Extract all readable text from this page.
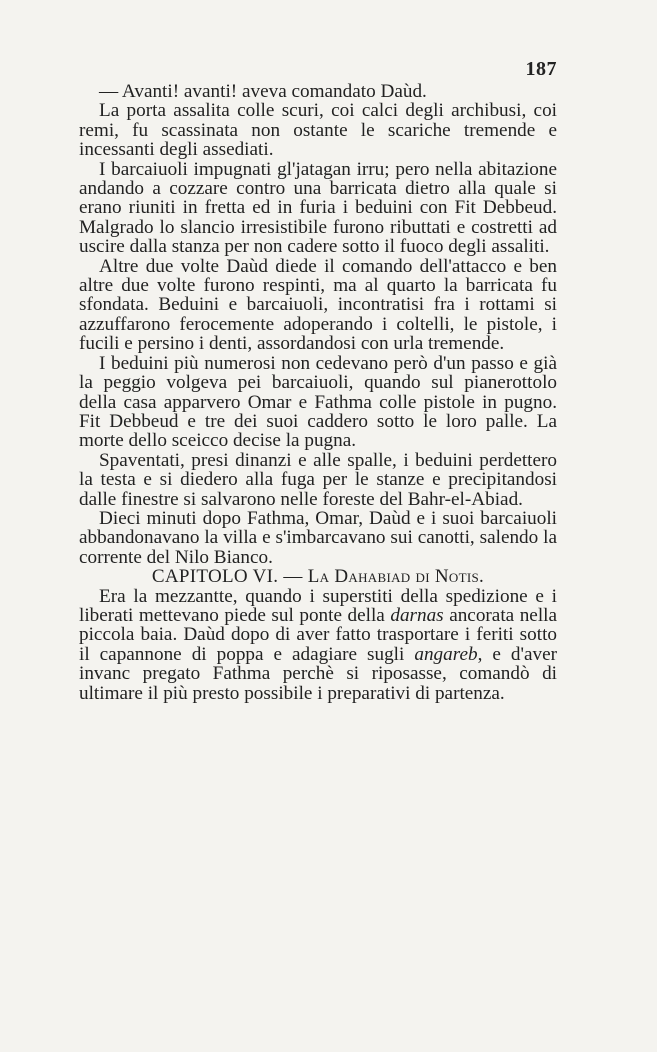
187

— Avanti! avanti! aveva comandato Daùd.

La porta assalita colle scuri, coi calci degli archibusi, coi remi, fu scassinata non ostante le scariche tremende e incessanti degli assediati.

I barcaiuoli impugnati gl'jatagan irru; pero nella abitazione andando a cozzare contro una barricata dietro alla quale si erano riuniti in fretta ed in furia i beduini con Fit Debbeud. Malgrado lo slancio irresistibile furono ributtati e costretti ad uscire dalla stanza per non cadere sotto il fuoco degli assaliti.

Altre due volte Daùd diede il comando dell'attacco e ben altre due volte furono respinti, ma al quarto la barricata fu sfondata. Beduini e barcaiuoli, incontratisi fra i rottami si azzuffarono ferocemente adoperando i coltelli, le pistole, i fucili e persino i denti, assordandosi con urla tremende.

I beduini più numerosi non cedevano però d'un passo e già la peggio volgeva pei barcaiuoli, quando sul pianerottolo della casa apparvero Omar e Fathma colle pistole in pugno. Fit Debbeud e tre dei suoi caddero sotto le loro palle. La morte dello sceicco decise la pugna.

Spaventati, presi dinanzi e alle spalle, i beduini perdettero la testa e si diedero alla fuga per le stanze e precipitandosi dalle finestre si salvarono nelle foreste del Bahr-el-Abiad.

Dieci minuti dopo Fathma, Omar, Daùd e i suoi barcaiuoli abbandonavano la villa e s'imbarcavano sui canotti, salendo la corrente del Nilo Bianco.

CAPITOLO VI. — La Dahabiad di Notis.

Era la mezzantte, quando i superstiti della spedizione e i liberati mettevano piede sul ponte della darnas ancorata nella piccola baia. Daùd dopo di aver fatto trasportare i feriti sotto il capannone di poppa e adagiare sugli angareb, e d'aver invanc pregato Fathma perchè si riposasse, comandò di ultimare il più presto possibile i preparativi di partenza.
